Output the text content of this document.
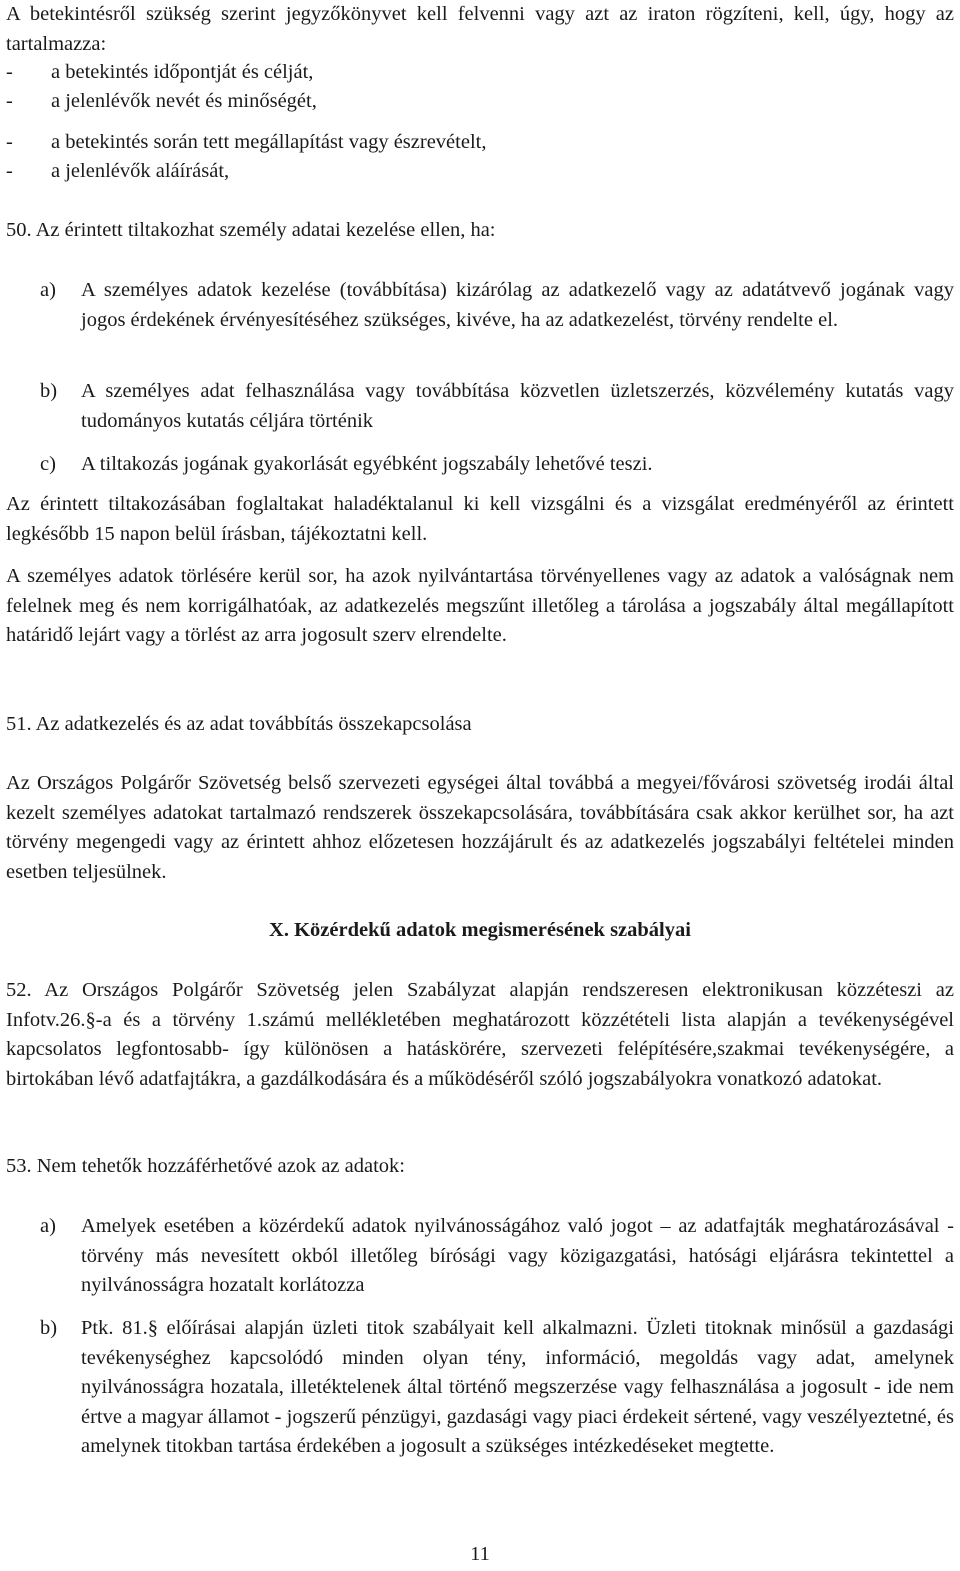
A betekintésről szükség szerint jegyzőkönyvet kell felvenni vagy azt az iraton rögzíteni, kell, úgy, hogy az tartalmazza:

- a betekintés időpontját és célját,
- a jelenlévők nevét és minőségét,
- a betekintés során tett megállapítást vagy észrevételt,
- a jelenlévők aláírását,
50. Az érintett tiltakozhat személy adatai kezelése ellen, ha:
a) A személyes adatok kezelése (továbbítása) kizárólag az adatkezelő vagy az adatátvevő jogának vagy jogos érdekének érvényesítéséhez szükséges, kivéve, ha az adatkezelést, törvény rendelte el.
b) A személyes adat felhasználása vagy továbbítása közvetlen üzletszerzés, közvélemény kutatás vagy tudományos kutatás céljára történik
c) A tiltakozás jogának gyakorlását egyébként jogszabály lehetővé teszi.

Az érintett tiltakozásában foglaltakat haladéktalanul ki kell vizsgálni és a vizsgálat eredményéről az érintett legkésőbb 15 napon belül írásban, tájékoztatni kell.

A személyes adatok törlésére kerül sor, ha azok nyilvántartása törvényellenes vagy az adatok a valóságnak nem felelnek meg és nem korrigálhatóak, az adatkezelés megszűnt illetőleg a tárolása a jogszabály által megállapított határidő lejárt vagy a törlést az arra jogosult szerv elrendelte.

51. Az adatkezelés és az adat továbbítás összekapcsolása

Az Országos Polgárőr Szövetség belső szervezeti egységei által továbbá a megyei/fővárosi szövetség irodái által kezelt személyes adatokat tartalmazó rendszerek összekapcsolására, továbbítására csak akkor kerülhet sor, ha azt törvény megengedi vagy az érintett ahhoz előzetesen hozzájárult és az adatkezelés jogszabályi feltételei minden esetben teljesülnek.

X. Közérdekű adatok megismerésének szabályai

52. Az Országos Polgárőr Szövetség jelen Szabályzat alapján rendszeresen elektronikusan közzéteszi az Infotv.26.§-a és a törvény 1.számú mellékletében meghatározott közzétételi lista alapján a tevékenységével kapcsolatos legfontosabb- így különösen a hatáskörére, szervezeti felépítésére,szakmai tevékenységére, a birtokában lévő adatfajtákra, a gazdálkodására és a működéséről szóló jogszabályokra vonatkozó adatokat.

53. Nem tehetők hozzáférhetővé azok az adatok:
a) Amelyek esetében a közérdekű adatok nyilvánosságához való jogot – az adatfajták meghatározásával - törvény más nevesített okból illetőleg bírósági vagy közigazgatási, hatósági eljárásra tekintettel a nyilvánosságra hozatalt korlátozza
b) Ptk. 81.§ előírásai alapján üzleti titok szabályait kell alkalmazni. Üzleti titoknak minősül a gazdasági tevékenységhez kapcsolódó minden olyan tény, információ, megoldás vagy adat, amelynek nyilvánosságra hozatala, illetéktelenek által történő megszerzése vagy felhasználása a jogosult - ide nem értve a magyar államot - jogszerű pénzügyi, gazdasági vagy piaci érdekeit sértené, vagy veszélyeztetné, és amelynek titokban tartása érdekében a jogosult a szükséges intézkedéseket megtette.
11
